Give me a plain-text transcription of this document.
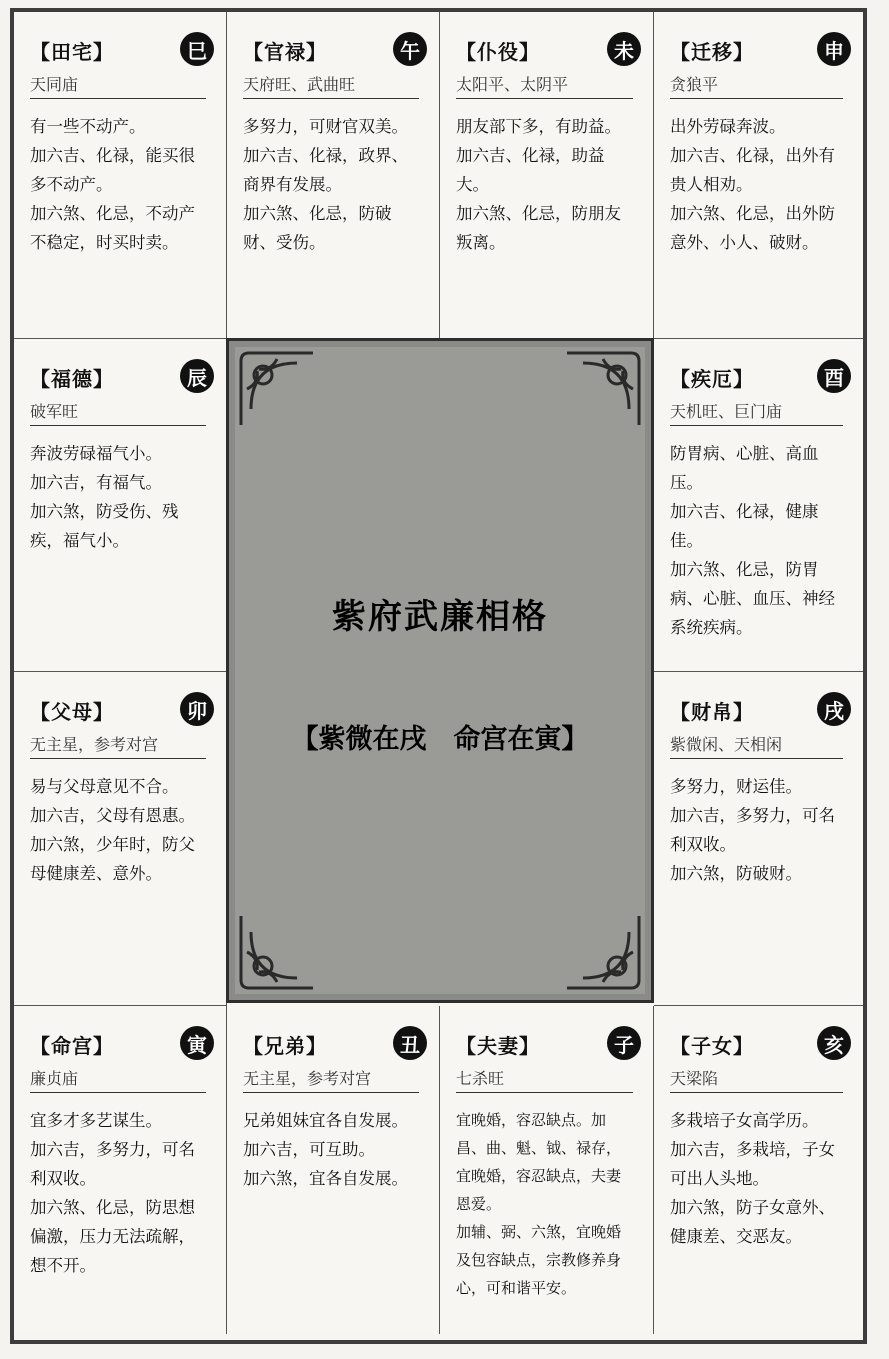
【田宅】	巳
天同庙

有一些不动产。

加六吉、化禄，能买很多不动产。

加六煞、化忌，不动产不稳定，时买时卖。

【官禄】	午
天府旺、武曲旺

多努力，可财官双美。

加六吉、化禄，政界、商界有发展。

加六煞、化忌，防破财、受伤。

【仆役】	未
太阳平、太阴平

朋友部下多，有助益。

加六吉、化禄，助益大。

加六煞、化忌，防朋友叛离。

【迁移】	申
贪狼平

出外劳碌奔波。

加六吉、化禄，出外有贵人相劝。

加六煞、化忌，出外防意外、小人、破财。

【福德】	辰
破军旺

奔波劳碌福气小。

加六吉，有福气。

加六煞，防受伤、残疾，福气小。

【疾厄】	酉
天机旺、巨门庙

防胃病、心脏、高血压。

加六吉、化禄，健康佳。

加六煞、化忌，防胃病、心脏、血压、神经系统疾病。

【父母】	卯
无主星，参考对宫

易与父母意见不合。

加六吉，父母有恩惠。

加六煞，少年时，防父母健康差、意外。

【财帛】	戌
紫微闲、天相闲

多努力，财运佳。

加六吉，多努力，可名利双收。

加六煞，防破财。

【命宫】	寅
廉贞庙

宜多才多艺谋生。

加六吉，多努力，可名利双收。

加六煞、化忌，防思想偏激，压力无法疏解，想不开。

【兄弟】	丑
无主星，参考对宫

兄弟姐妹宜各自发展。

加六吉，可互助。

加六煞，宜各自发展。

【夫妻】	子
七杀旺

宜晚婚，容忍缺点。加昌、曲、魁、钺、禄存，宜晚婚，容忍缺点，夫妻恩爱。

加辅、弼、六煞，宜晚婚及包容缺点，宗教修养身心，可和谐平安。

【子女】	亥
天梁陷

多栽培子女高学历。

加六吉，多栽培，子女可出人头地。

加六煞，防子女意外、健康差、交恶友。

紫府武廉相格
【紫微在戌　命宫在寅】
